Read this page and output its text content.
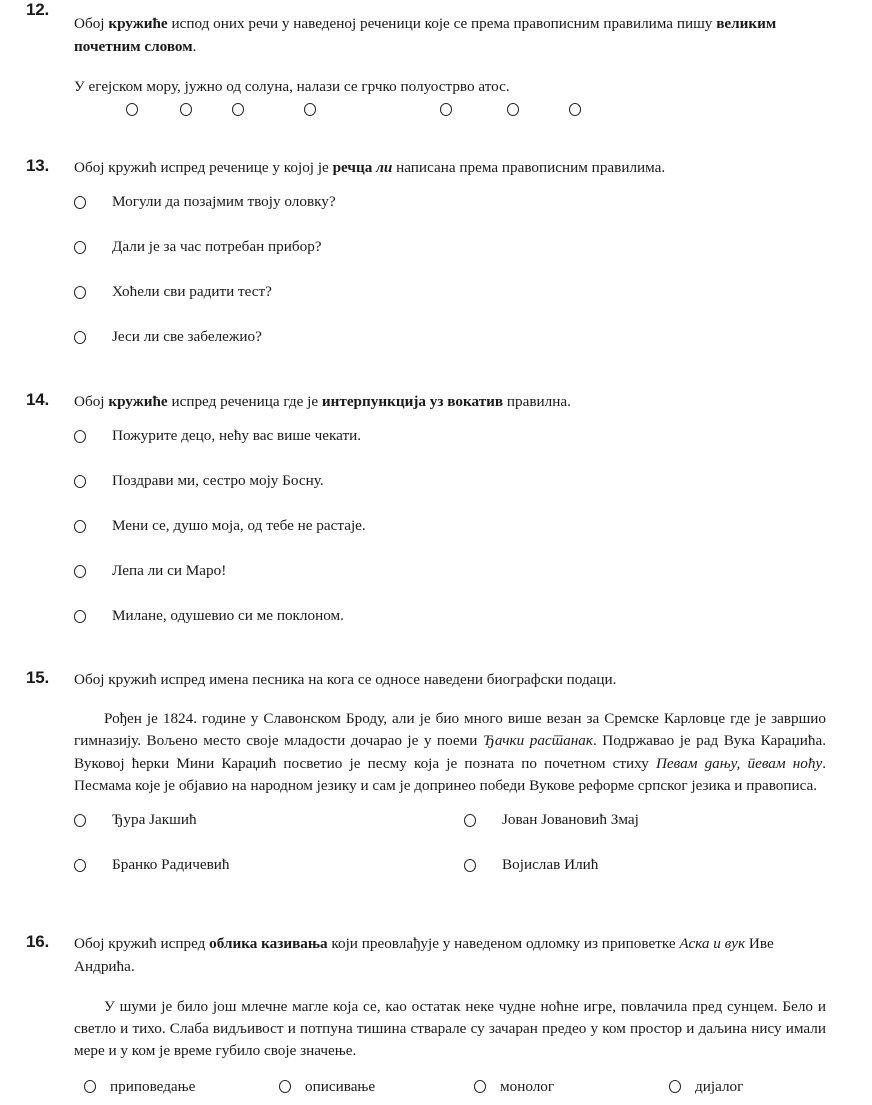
12.
Обој кружиће испод оних речи у наведеној реченици које се према правописним правилима пишу великим почетним словом.
У егејском мору, јужно од солуна, налази се грчко полуострво атос.
13.	Обој кружић испред реченице у којој је речца ли написана према правописним правилима.
Могули да позајмим твоју оловку?
Дали је за час потребан прибор?
Хоћели сви радити тест?
Јеси ли све забележио?
14.	Обој кружиће испред реченица где је интерпункција уз вокатив правилна.
Пожурите децо, нећу вас више чекати.
Поздрави ми, сестро мојy Босну.
Мени се, душо моја, од тебе не растаје.
Лепа ли си Маро!
Милане, одушевио си ме поклоном.
15.	Обој кружић испред имена песника на кога се односе наведени биографски подаци.

Рођен је 1824. године у Славонском Броду, али је био много више везан за Сремске Карловце где је завршио гимназију. Вољено место своје младости дочарао је у поеми Ђачки растанак. Подржавао је рад Вука Караџића. Вуковој ћерки Мини Караџић посветио је песму која је позната по почетном стиху Певам дању, певам ноћу. Песмама које је објавио на народном језику и сам је допринео победи Вукове реформе српског језика и правописа.

Ђура Јакшић	Јован Јовановић Змај
Бранко Радичевић	Војислав Илић
16.	Обој кружић испред облика казивања који преовлађује у наведеном одломку из приповетке Аска и вук Иве Андрића.

У шуми је било још млечне магле која се, као остатак неке чудне ноћне игре, повлачила пред сунцем. Бело и светло и тихо. Слаба видљивост и потпуна тишина стварале су зачаран предео у ком простор и даљина нису имали мере и у ком је време губило своје значење.

приповедање	описивање	монолог	дијалог
